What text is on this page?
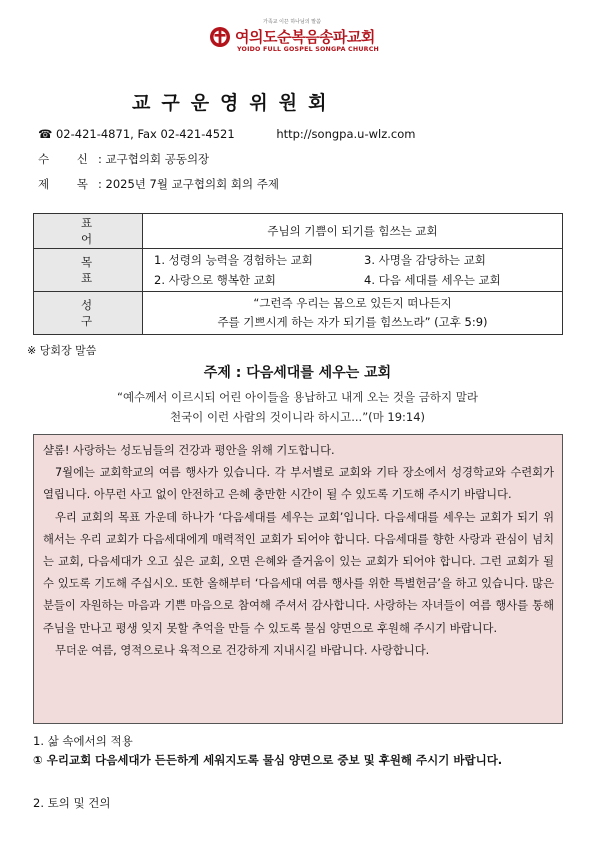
가족교 이끈 하나님의 말씀
여의도순복음송파교회
YOIDO FULL GOSPEL SONGPA CHURCH
교구운영위원회
☎ 02-421-4871, Fax 02-421-4521	http://songpa.u-wlz.com
수 신: 교구협의회 공동의장
제 목: 2025년 7월 교구협의회 회의 주제
표 어	주님의 기쁨이 되기를 힘쓰는 교회
목 표	1. 성령의 능력을 경험하는 교회 3. 사명을 감당하는 교회
2. 사랑으로 행복한 교회 4. 다음 세대를 세우는 교회

성 구	“그런즉 우리는 몸으로 있든지 떠나든지
주를 기쁘시게 하는 자가 되기를 힘쓰노라” (고후 5:9)
※ 당회장 말씀
주제 : 다음세대를 세우는 교회
“예수께서 이르시되 어린 아이들을 용납하고 내게 오는 것을 금하지 말라
천국이 이런 사람의 것이니라 하시고...”(마 19:14)

샬롬! 사랑하는 성도님들의 건강과 평안을 위해 기도합니다.

7월에는 교회학교의 여름 행사가 있습니다. 각 부서별로 교회와 기타 장소에서 성경학교와 수련회가 열립니다. 아무런 사고 없이 안전하고 은혜 충만한 시간이 될 수 있도록 기도해 주시기 바랍니다.

우리 교회의 목표 가운데 하나가 ‘다음세대를 세우는 교회’입니다. 다음세대를 세우는 교회가 되기 위해서는 우리 교회가 다음세대에게 매력적인 교회가 되어야 합니다. 다음세대를 향한 사랑과 관심이 넘치는 교회, 다음세대가 오고 싶은 교회, 오면 은혜와 즐거움이 있는 교회가 되어야 합니다. 그런 교회가 될 수 있도록 기도해 주십시오. 또한 올해부터 ‘다음세대 여름 행사를 위한 특별헌금’을 하고 있습니다. 많은 분들이 자원하는 마음과 기쁜 마음으로 참여해 주셔서 감사합니다. 사랑하는 자녀들이 여름 행사를 통해 주님을 만나고 평생 잊지 못할 추억을 만들 수 있도록 물심 양면으로 후원해 주시기 바랍니다.

무더운 여름, 영적으로나 육적으로 건강하게 지내시길 바랍니다. 사랑합니다.

1. 삶 속에서의 적용
① 우리교회 다음세대가 든든하게 세워지도록 물심 양면으로 중보 및 후원해 주시기 바랍니다.
2. 토의 및 건의
